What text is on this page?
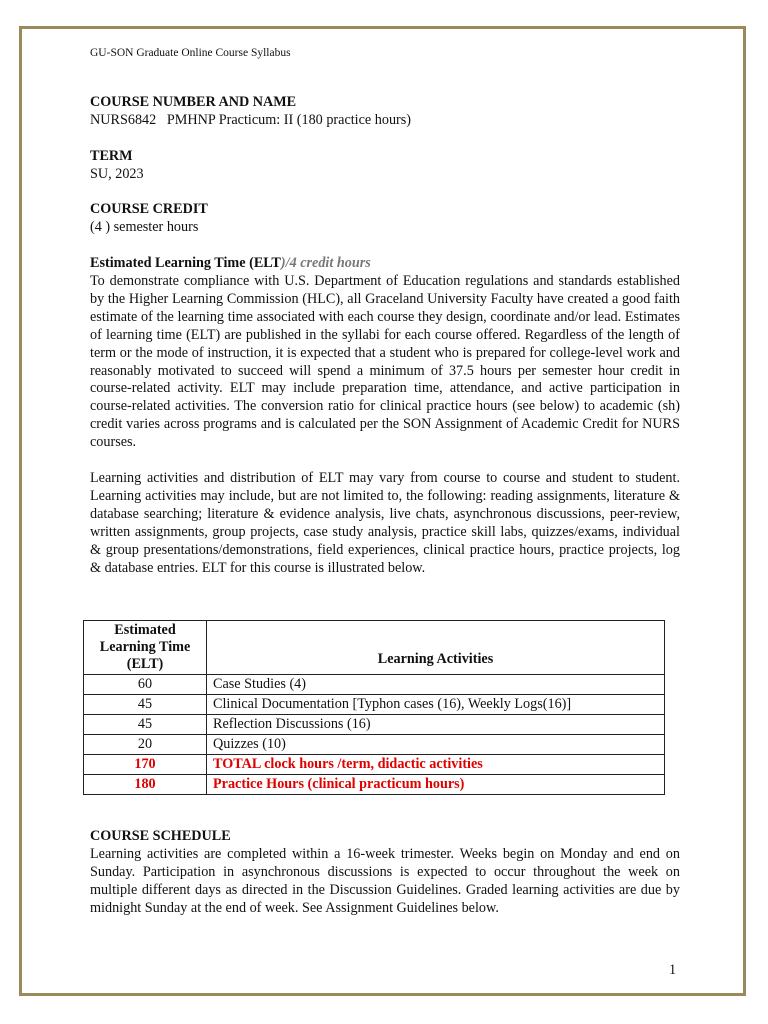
GU-SON Graduate Online Course Syllabus
COURSE NUMBER AND NAME
NURS6842   PMHNP Practicum: II (180 practice hours)
TERM
SU, 2023
COURSE CREDIT
(4 ) semester hours
Estimated Learning Time (ELT)/4 credit hours

To demonstrate compliance with U.S. Department of Education regulations and standards established by the Higher Learning Commission (HLC), all Graceland University Faculty have created a good faith estimate of the learning time associated with each course they design, coordinate and/or lead. Estimates of learning time (ELT) are published in the syllabi for each course offered. Regardless of the length of term or the mode of instruction, it is expected that a student who is prepared for college-level work and reasonably motivated to succeed will spend a minimum of 37.5 hours per semester hour credit in course-related activity. ELT may include preparation time, attendance, and active participation in course-related activities. The conversion ratio for clinical practice hours (see below) to academic (sh) credit varies across programs and is calculated per the SON Assignment of Academic Credit for NURS courses.

Learning activities and distribution of ELT may vary from course to course and student to student. Learning activities may include, but are not limited to, the following: reading assignments, literature & database searching; literature & evidence analysis, live chats, asynchronous discussions, peer-review, written assignments, group projects, case study analysis, practice skill labs, quizzes/exams, individual & group presentations/demonstrations, field experiences, clinical practice hours, practice projects, log & database entries. ELT for this course is illustrated below.

Estimated Learning Time (ELT)	Learning Activities
60	Case Studies (4)
45	Clinical Documentation [Typhon cases (16), Weekly Logs(16)]
45	Reflection Discussions (16)
20	Quizzes (10)
170	TOTAL clock hours /term, didactic activities
180	Practice Hours (clinical practicum hours)
COURSE SCHEDULE

Learning activities are completed within a 16-week trimester. Weeks begin on Monday and end on Sunday. Participation in asynchronous discussions is expected to occur throughout the week on multiple different days as directed in the Discussion Guidelines. Graded learning activities are due by midnight Sunday at the end of week. See Assignment Guidelines below.

1
